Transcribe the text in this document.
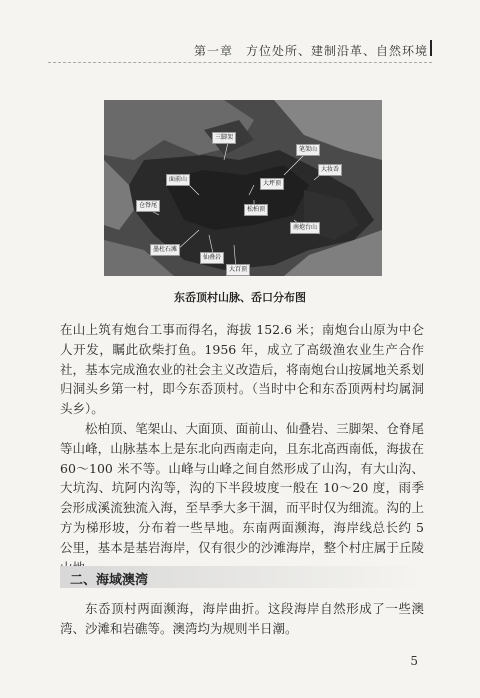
第一章　方位处所、建制沿革、自然环境
三脚架
笔架山
面前山
大妆岙
大坪顶
松柏顶
仓脊尾
南炮台山
墨杜石滩
仙叠岩
大百顶
东岙顶村山脉、岙口分布图
在山上筑有炮台工事而得名，海拔 152.6 米；南炮台山原为中仑人开发，瞩此砍柴打鱼。1956 年，成立了高级渔农业生产合作社，基本完成渔农业的社会主义改造后，将南炮台山按属地关系划归洞头乡第一村，即今东岙顶村。（当时中仑和东岙顶两村均属洞头乡）。
松柏顶、笔架山、大面顶、面前山、仙叠岩、三脚架、仓脊尾等山峰，山脉基本上是东北向西南走向，且东北高西南低，海拔在 60～100 米不等。山峰与山峰之间自然形成了山沟，有大山沟、大坑沟、坑阿内沟等，沟的下半段坡度一般在 10～20 度，雨季会形成溪流独流入海，至旱季大多干涸，而平时仅为细流。沟的上方为梯形坡，分布着一些旱地。东南两面濒海，海岸线总长约 5 公里，基本是基岩海岸，仅有很少的沙滩海岸，整个村庄属于丘陵
二、海域澳湾
东岙顶村两面濒海，海岸曲折。这段海岸自然形成了一些澳湾、沙滩和岩礁等。澳湾均为规则半日潮。
5
